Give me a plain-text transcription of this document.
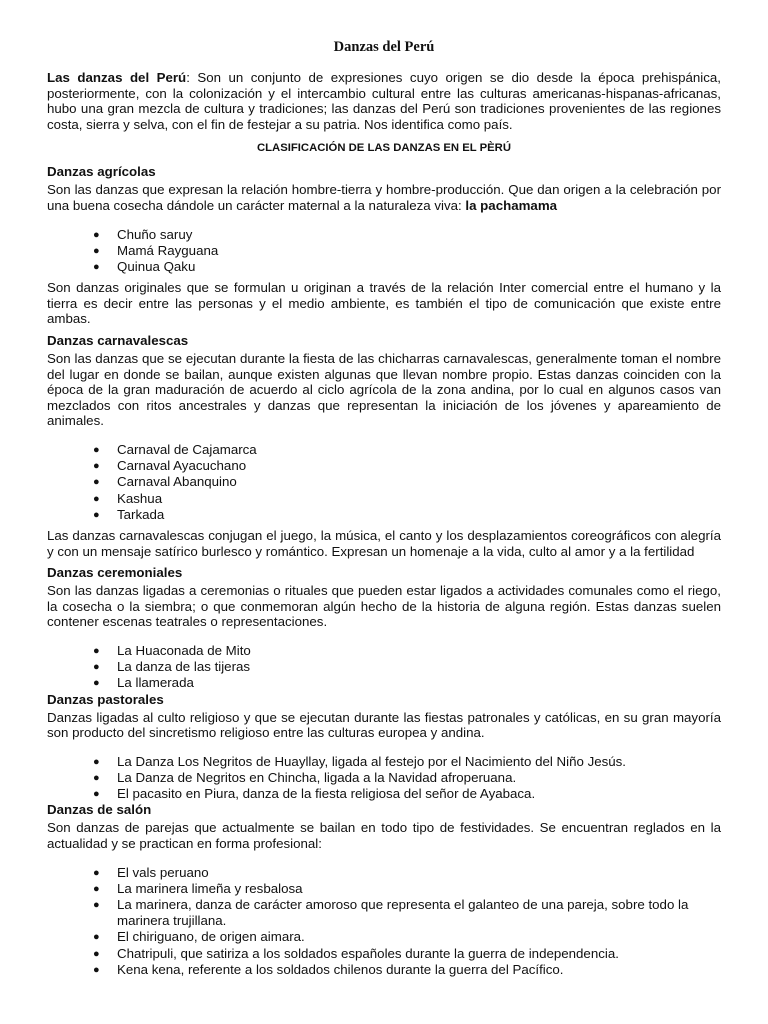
Danzas del Perú

Las danzas del Perú: Son un conjunto de expresiones cuyo origen se dio desde la época prehispánica, posteriormente, con la colonización y el intercambio cultural entre las culturas americanas-hispanas-africanas, hubo una gran mezcla de cultura y tradiciones; las danzas del Perú son tradiciones provenientes de las regiones costa, sierra y selva, con el fin de festejar a su patria. Nos identifica como país.

CLASIFICACIÓN DE LAS DANZAS EN EL PÈRÚ
Danzas agrícolas

Son las danzas que expresan la relación hombre-tierra y hombre-producción. Que dan origen a la celebración por una buena cosecha dándole un carácter maternal a la naturaleza viva: la pachamama

● Chuño saruy
● Mamá Rayguana
● Quinua Qaku

Son danzas originales que se formulan u originan a través de la relación Inter comercial entre el humano y la tierra es decir entre las personas y el medio ambiente, es también el tipo de comunicación que existe entre ambas.

Danzas carnavalescas

Son las danzas que se ejecutan durante la fiesta de las chicharras carnavalescas, generalmente toman el nombre del lugar en donde se bailan, aunque existen algunas que llevan nombre propio. Estas danzas coinciden con la época de la gran maduración de acuerdo al ciclo agrícola de la zona andina, por lo cual en algunos casos van mezclados con ritos ancestrales y danzas que representan la iniciación de los jóvenes y apareamiento de animales.

● Carnaval de Cajamarca
● Carnaval Ayacuchano
● Carnaval Abanquino
● Kashua
● Tarkada

Las danzas carnavalescas conjugan el juego, la música, el canto y los desplazamientos coreográficos con alegría y con un mensaje satírico burlesco y romántico. Expresan un homenaje a la vida, culto al amor y a la fertilidad

Danzas ceremoniales

Son las danzas ligadas a ceremonias o rituales que pueden estar ligados a actividades comunales como el riego, la cosecha o la siembra; o que conmemoran algún hecho de la historia de alguna región. Estas danzas suelen contener escenas teatrales o representaciones.

● La Huaconada de Mito
● La danza de las tijeras
● La llamerada
Danzas pastorales

Danzas ligadas al culto religioso y que se ejecutan durante las fiestas patronales y católicas, en su gran mayoría son producto del sincretismo religioso entre las culturas europea y andina.

● La Danza Los Negritos de Huayllay, ligada al festejo por el Nacimiento del Niño Jesús.
● La Danza de Negritos en Chincha, ligada a la Navidad afroperuana.
● El pacasito en Piura, danza de la fiesta religiosa del señor de Ayabaca.
Danzas de salón

Son danzas de parejas que actualmente se bailan en todo tipo de festividades. Se encuentran reglados en la actualidad y se practican en forma profesional:

● El vals peruano
● La marinera limeña y resbalosa
● La marinera, danza de carácter amoroso que representa el galanteo de una pareja, sobre todo la marinera trujillana.
● El chiriguano, de origen aimara.
● Chatripuli, que satiriza a los soldados españoles durante la guerra de independencia.
● Kena kena, referente a los soldados chilenos durante la guerra del Pacífico.
